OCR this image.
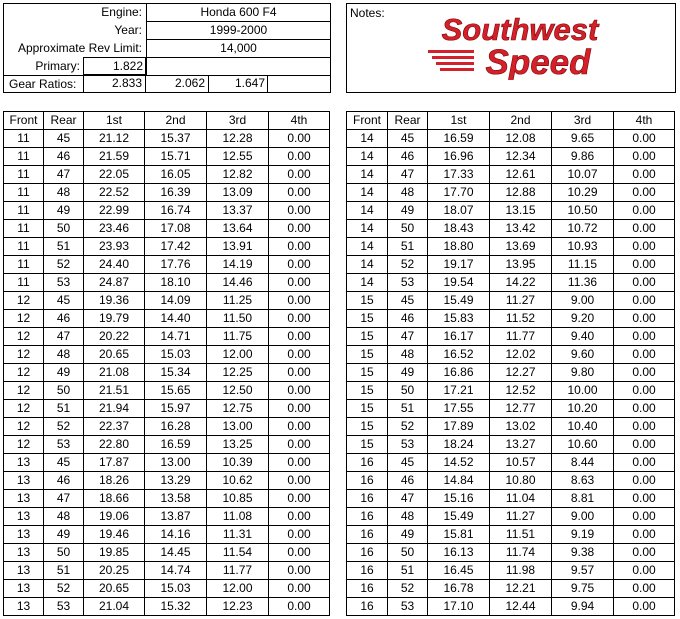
Engine:	Honda 600 F4
Year:	1999-2000
Approximate Rev Limit:	14,000
Primary:	1.822
Gear Ratios:	2.833	2.062	1.647
Notes: Southwest
Speed
Front	Rear	1st	2nd	3rd	4th
11	45	21.12	15.37	12.28	0.00
11	46	21.59	15.71	12.55	0.00
11	47	22.05	16.05	12.82	0.00
11	48	22.52	16.39	13.09	0.00
11	49	22.99	16.74	13.37	0.00
11	50	23.46	17.08	13.64	0.00
11	51	23.93	17.42	13.91	0.00
11	52	24.40	17.76	14.19	0.00
11	53	24.87	18.10	14.46	0.00
12	45	19.36	14.09	11.25	0.00
12	46	19.79	14.40	11.50	0.00
12	47	20.22	14.71	11.75	0.00
12	48	20.65	15.03	12.00	0.00
12	49	21.08	15.34	12.25	0.00
12	50	21.51	15.65	12.50	0.00
12	51	21.94	15.97	12.75	0.00
12	52	22.37	16.28	13.00	0.00
12	53	22.80	16.59	13.25	0.00
13	45	17.87	13.00	10.39	0.00
13	46	18.26	13.29	10.62	0.00
13	47	18.66	13.58	10.85	0.00
13	48	19.06	13.87	11.08	0.00
13	49	19.46	14.16	11.31	0.00
13	50	19.85	14.45	11.54	0.00
13	51	20.25	14.74	11.77	0.00
13	52	20.65	15.03	12.00	0.00
13	53	21.04	15.32	12.23	0.00
Front	Rear	1st	2nd	3rd	4th
14	45	16.59	12.08	9.65	0.00
14	46	16.96	12.34	9.86	0.00
14	47	17.33	12.61	10.07	0.00
14	48	17.70	12.88	10.29	0.00
14	49	18.07	13.15	10.50	0.00
14	50	18.43	13.42	10.72	0.00
14	51	18.80	13.69	10.93	0.00
14	52	19.17	13.95	11.15	0.00
14	53	19.54	14.22	11.36	0.00
15	45	15.49	11.27	9.00	0.00
15	46	15.83	11.52	9.20	0.00
15	47	16.17	11.77	9.40	0.00
15	48	16.52	12.02	9.60	0.00
15	49	16.86	12.27	9.80	0.00
15	50	17.21	12.52	10.00	0.00
15	51	17.55	12.77	10.20	0.00
15	52	17.89	13.02	10.40	0.00
15	53	18.24	13.27	10.60	0.00
16	45	14.52	10.57	8.44	0.00
16	46	14.84	10.80	8.63	0.00
16	47	15.16	11.04	8.81	0.00
16	48	15.49	11.27	9.00	0.00
16	49	15.81	11.51	9.19	0.00
16	50	16.13	11.74	9.38	0.00
16	51	16.45	11.98	9.57	0.00
16	52	16.78	12.21	9.75	0.00
16	53	17.10	12.44	9.94	0.00
